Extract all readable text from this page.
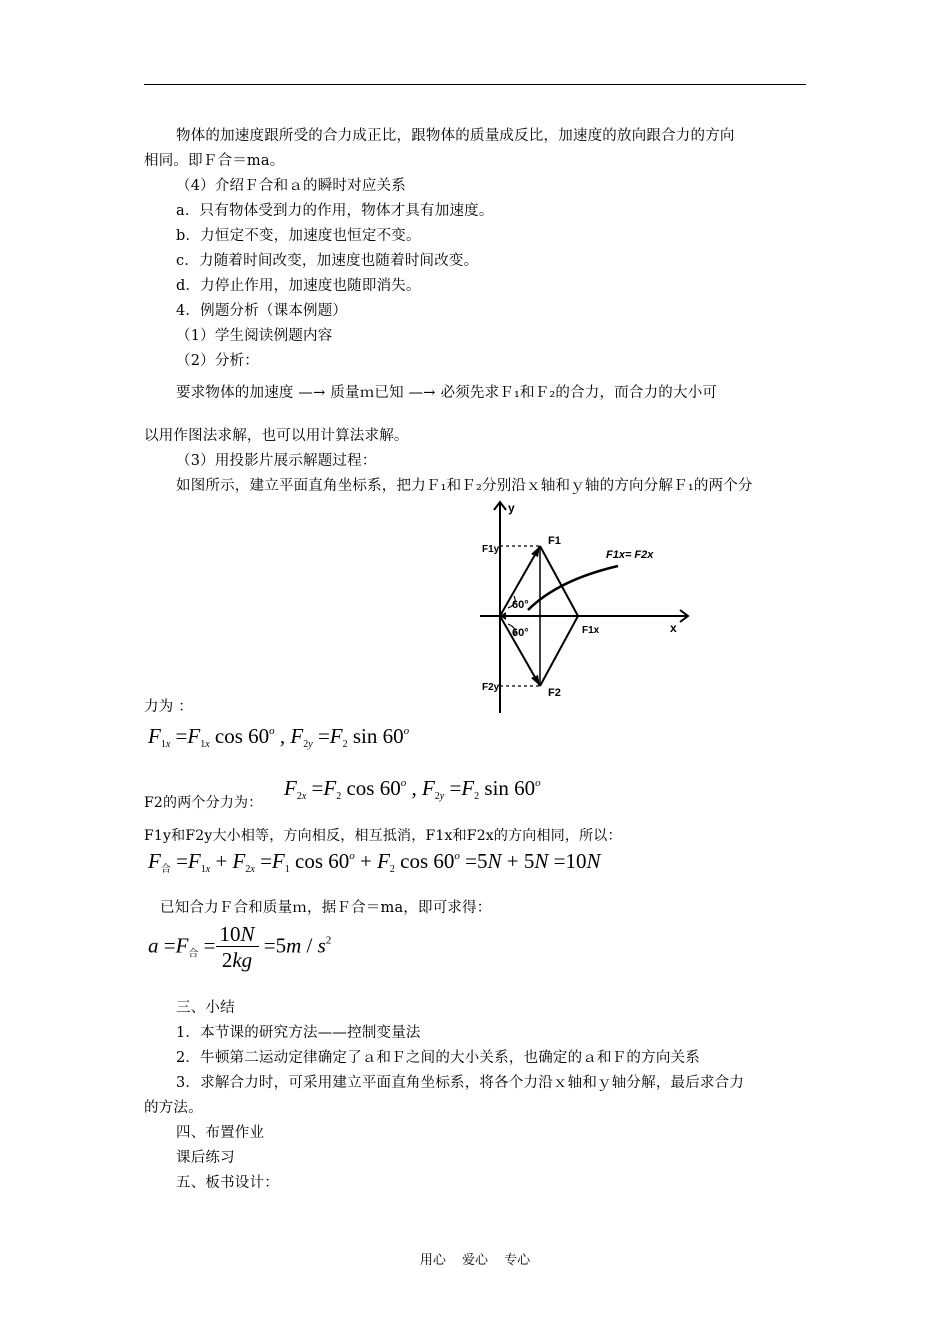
物体的加速度跟所受的合力成正比，跟物体的质量成反比，加速度的放向跟合力的方向
相同。即Ｆ合＝ma。
（4）介绍Ｆ合和ａ的瞬时对应关系
a．只有物体受到力的作用，物体才具有加速度。
b．力恒定不变，加速度也恒定不变。
c．力随着时间改变，加速度也随着时间改变。
d．力停止作用，加速度也随即消失。
4．例题分析（课本例题）
（1）学生阅读例题内容
（2）分析：
要求物体的加速度 —→ 质量ｍ已知 —→ 必须先求Ｆ₁和Ｆ₂的合力，而合力的大小可
以用作图法求解，也可以用计算法求解。
（3）用投影片展示解题过程：
如图所示，建立平面直角坐标系，把力Ｆ₁和Ｆ₂分别沿ｘ轴和ｙ轴的方向分解Ｆ₁的两个分
y
x
F1
F2
F1y
F2y
F1x
60°
60°
F1x= F2x
力为 ：
$F_{1x} =F_{1x}$ cos 60$^o$ , $F_{2y} =F_2$ sin 60$^o$
F2的两个分力为：
$F_{2x} =F_2$ cos 60$^o$ , $F_{2y} =F_2$ sin 60$^o$
F1y和F2y大小相等，方向相反，相互抵消，F1x和F2x的方向相同，所以：
$F_合 =F_{1x} + F_{2x} =F_1$ $\cos 60^o + F_2$ $\cos 60^o =5N + 5N =10N$
已知合力Ｆ合和质量ｍ，据Ｆ合＝ma，即可求得：
$a =F_合 = \frac{10N}{2kg} =5m / s^2$
三、小结
1．本节课的研究方法——控制变量法
2．牛顿第二运动定律确定了ａ和Ｆ之间的大小关系，也确定的ａ和Ｆ的方向关系
3．求解合力时，可采用建立平面直角坐标系，将各个力沿ｘ轴和ｙ轴分解，最后求合力
的方法。
四、布置作业
课后练习
五、板书设计：
用心 爱心 专心
